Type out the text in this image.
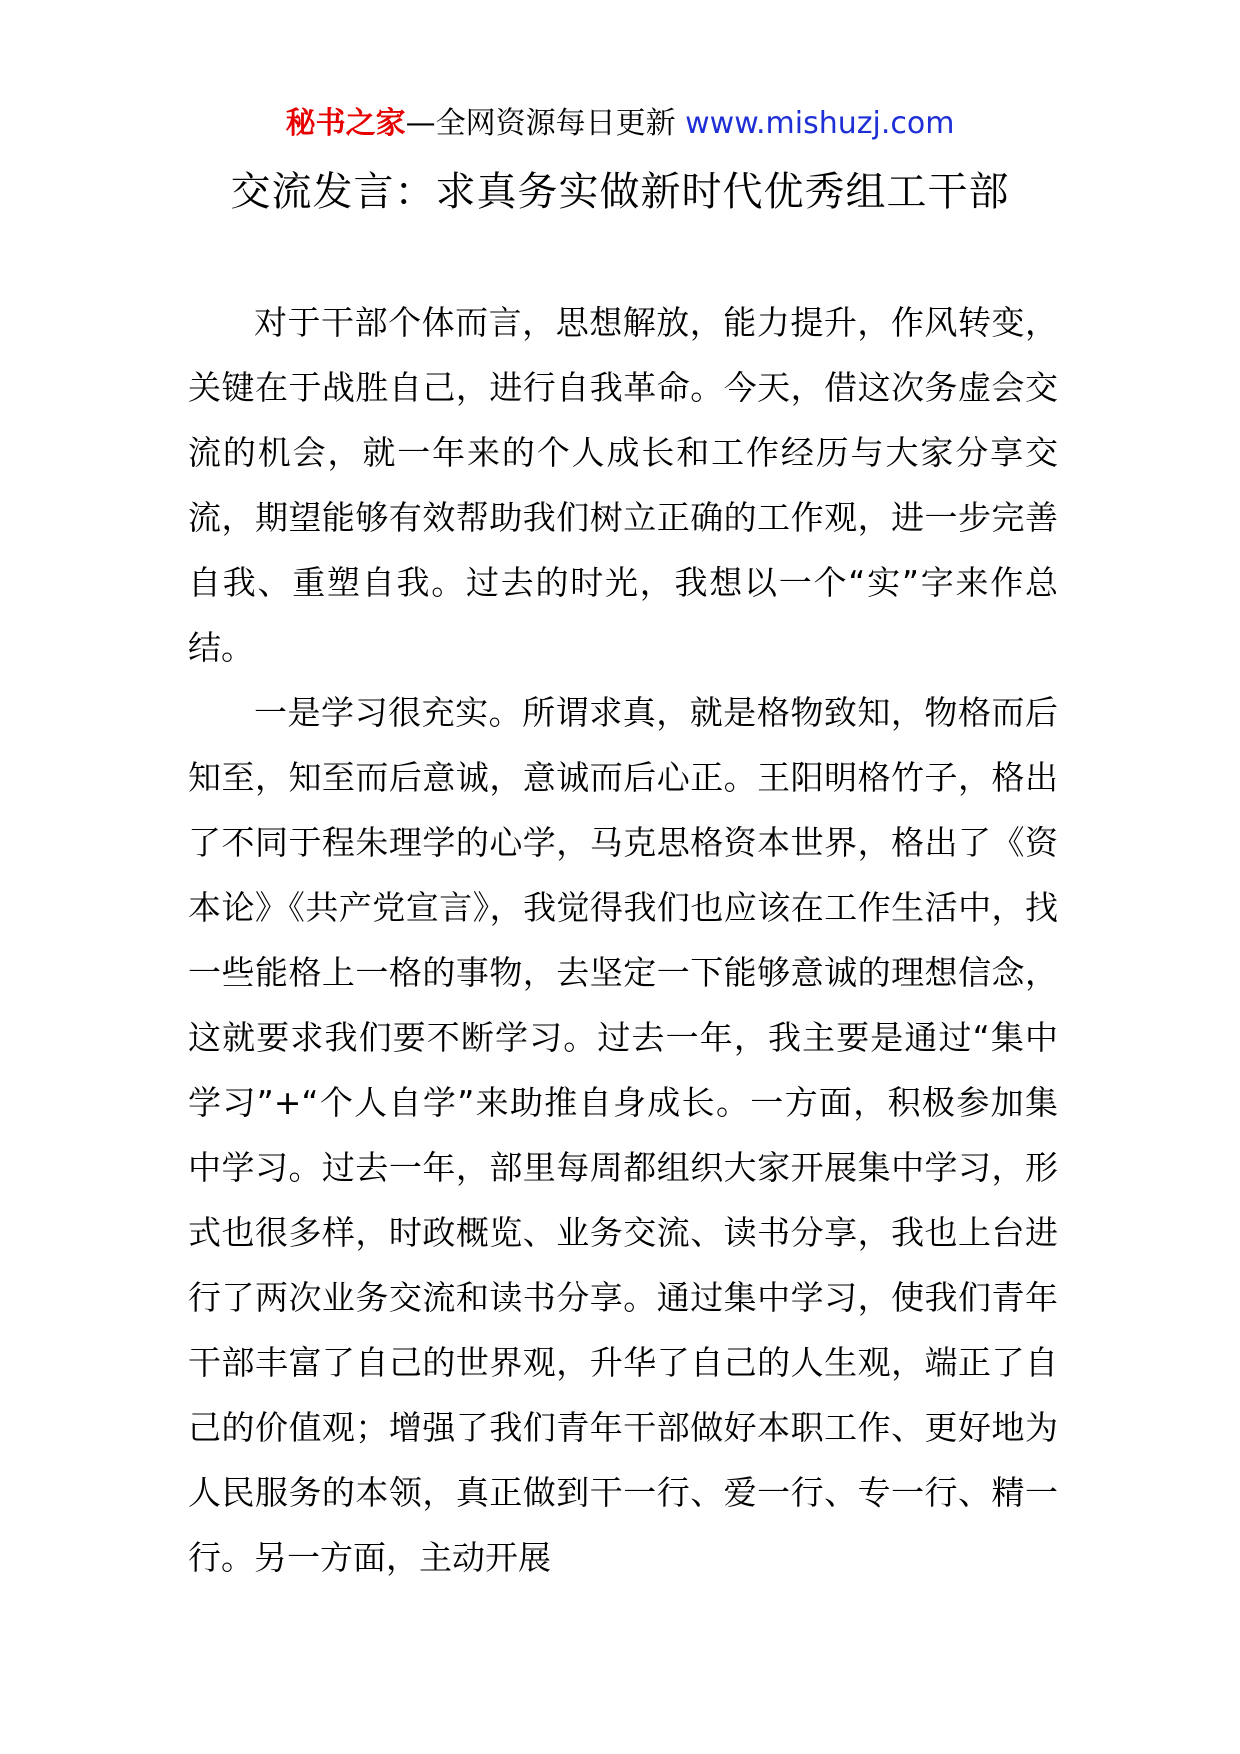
秘书之家—全网资源每日更新 www.mishuzj.com
交流发言：求真务实做新时代优秀组工干部

对于干部个体而言，思想解放，能力提升，作风转变，关键在于战胜自己，进行自我革命。今天，借这次务虚会交流的机会，就一年来的个人成长和工作经历与大家分享交流，期望能够有效帮助我们树立正确的工作观，进一步完善自我、重塑自我。过去的时光，我想以一个“实”字来作总结。

一是学习很充实。所谓求真，就是格物致知，物格而后知至，知至而后意诚，意诚而后心正。王阳明格竹子，格出了不同于程朱理学的心学，马克思格资本世界，格出了《资本论》《共产党宣言》，我觉得我们也应该在工作生活中，找一些能格上一格的事物，去坚定一下能够意诚的理想信念，这就要求我们要不断学习。过去一年，我主要是通过“集中学习”+“个人自学”来助推自身成长。一方面，积极参加集中学习。过去一年，部里每周都组织大家开展集中学习，形式也很多样，时政概览、业务交流、读书分享，我也上台进行了两次业务交流和读书分享。通过集中学习，使我们青年干部丰富了自己的世界观，升华了自己的人生观，端正了自己的价值观；增强了我们青年干部做好本职工作、更好地为人民服务的本领，真正做到干一行、爱一行、专一行、精一行。另一方面，主动开展
